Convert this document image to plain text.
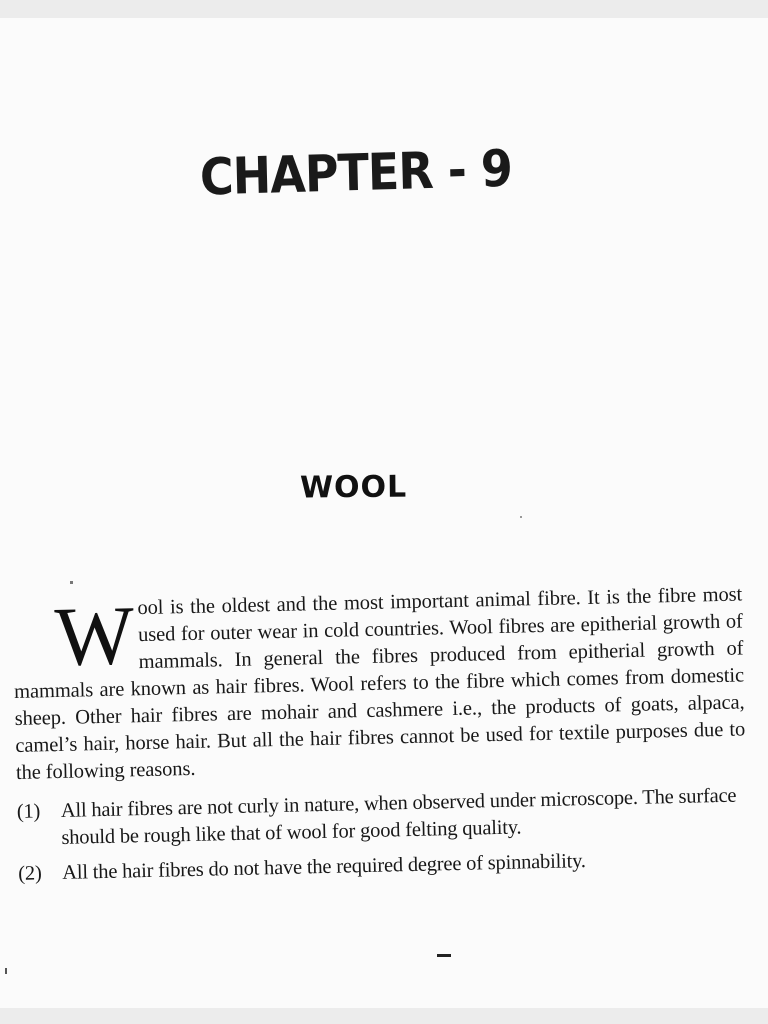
CHAPTER - 9
WOOL

Wool is the oldest and the most important animal fibre. It is the fibre most used for outer wear in cold countries. Wool fibres are epitherial growth of mammals. In general the fibres produced from epitherial growth of mammals are known as hair fibres. Wool refers to the fibre which comes from domestic sheep. Other hair fibres are mohair and cashmere i.e., the products of goats, alpaca, camel’s hair, horse hair. But all the hair fibres cannot be used for textile purposes due to the following reasons.

(1) All hair fibres are not curly in nature, when observed under microscope. The surface should be rough like that of wool for good felting quality.
(2) All the hair fibres do not have the required degree of spinnability.
